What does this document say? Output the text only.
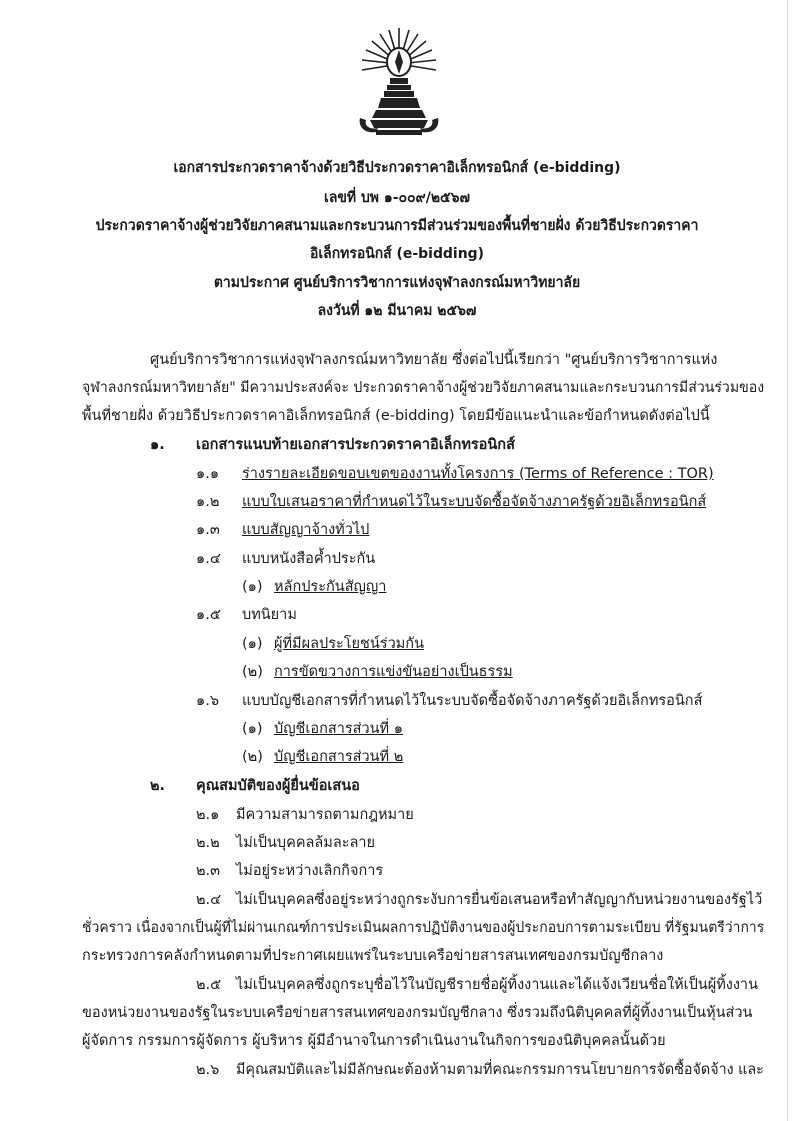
เอกสารประกวดราคาจ้างด้วยวิธีประกวดราคาอิเล็กทรอนิกส์ (e-bidding)
เลขที่ บพ ๑-๐๐๙/๒๕๖๗
ประกวดราคาจ้างผู้ช่วยวิจัยภาคสนามและกระบวนการมีส่วนร่วมของพื้นที่ชายฝั่ง ด้วยวิธีประกวดราคา
อิเล็กทรอนิกส์ (e-bidding)
ตามประกาศ ศูนย์บริการวิชาการแห่งจุฬาลงกรณ์มหาวิทยาลัย
ลงวันที่ ๑๒ มีนาคม ๒๕๖๗
ศูนย์บริการวิชาการแห่งจุฬาลงกรณ์มหาวิทยาลัย ซึ่งต่อไปนี้เรียกว่า "ศูนย์บริการวิชาการแห่ง
จุฬาลงกรณ์มหาวิทยาลัย" มีความประสงค์จะ ประกวดราคาจ้างผู้ช่วยวิจัยภาคสนามและกระบวนการมีส่วนร่วมของ
พื้นที่ชายฝั่ง ด้วยวิธีประกวดราคาอิเล็กทรอนิกส์ (e-bidding) โดยมีข้อแนะนำและข้อกำหนดดังต่อไปนี้
๑. เอกสารแนบท้ายเอกสารประกวดราคาอิเล็กทรอนิกส์
๑.๑ ร่างรายละเอียดขอบเขตของงานทั้งโครงการ (Terms of Reference : TOR)
๑.๒ แบบใบเสนอราคาที่กำหนดไว้ในระบบจัดซื้อจัดจ้างภาครัฐด้วยอิเล็กทรอนิกส์
๑.๓ แบบสัญญาจ้างทั่วไป
๑.๔ แบบหนังสือค้ำประกัน
(๑) หลักประกันสัญญา
๑.๕ บทนิยาม
(๑) ผู้ที่มีผลประโยชน์ร่วมกัน
(๒) การขัดขวางการแข่งขันอย่างเป็นธรรม
๑.๖ แบบบัญชีเอกสารที่กำหนดไว้ในระบบจัดซื้อจัดจ้างภาครัฐด้วยอิเล็กทรอนิกส์
(๑) บัญชีเอกสารส่วนที่ ๑
(๒) บัญชีเอกสารส่วนที่ ๒
๒. คุณสมบัติของผู้ยื่นข้อเสนอ
๒.๑ มีความสามารถตามกฎหมาย
๒.๒ ไม่เป็นบุคคลล้มละลาย
๒.๓ ไม่อยู่ระหว่างเลิกกิจการ
๒.๔ ไม่เป็นบุคคลซึ่งอยู่ระหว่างถูกระงับการยื่นข้อเสนอหรือทำสัญญากับหน่วยงานของรัฐไว้
ชั่วคราว เนื่องจากเป็นผู้ที่ไม่ผ่านเกณฑ์การประเมินผลการปฏิบัติงานของผู้ประกอบการตามระเบียบ ที่รัฐมนตรีว่าการ
กระทรวงการคลังกำหนดตามที่ประกาศเผยแพร่ในระบบเครือข่ายสารสนเทศของกรมบัญชีกลาง
๒.๕ ไม่เป็นบุคคลซึ่งถูกระบุชื่อไว้ในบัญชีรายชื่อผู้ทิ้งงานและได้แจ้งเวียนชื่อให้เป็นผู้ทิ้งงาน
ของหน่วยงานของรัฐในระบบเครือข่ายสารสนเทศของกรมบัญชีกลาง ซึ่งรวมถึงนิติบุคคลที่ผู้ทิ้งงานเป็นหุ้นส่วน
ผู้จัดการ กรรมการผู้จัดการ ผู้บริหาร ผู้มีอำนาจในการดำเนินงานในกิจการของนิติบุคคลนั้นด้วย
๒.๖ มีคุณสมบัติและไม่มีลักษณะต้องห้ามตามที่คณะกรรมการนโยบายการจัดซื้อจัดจ้าง และ
